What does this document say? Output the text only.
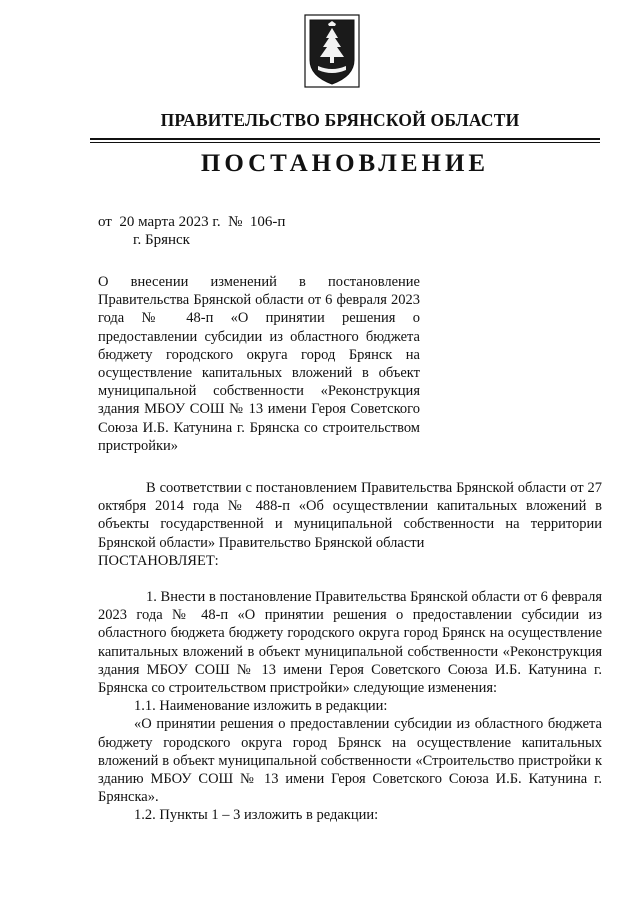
ПРАВИТЕЛЬСТВО БРЯНСКОЙ ОБЛАСТИ
ПОСТАНОВЛЕНИЕ
от  20 марта 2023 г.  №  106-п
г. Брянск
О внесении изменений в постановление Правительства Брянской области от 6 февраля 2023 года № 48-п «О принятии решения о предоставлении субсидии из областного бюджета бюджету городского округа город Брянск на осуществление капитальных вложений в объект муниципальной собственности «Реконструкция здания МБОУ СОШ № 13 имени Героя Советского Союза И.Б. Катунина г. Брянска со строительством пристройки»

В соответствии с постановлением Правительства Брянской области от 27 октября 2014 года № 488-п «Об осуществлении капитальных вложений в объекты государственной и муниципальной собственности на территории Брянской области» Правительство Брянской области

ПОСТАНОВЛЯЕТ:

1. Внести в постановление Правительства Брянской области от 6 февраля 2023 года № 48-п «О принятии решения о предоставлении субсидии из областного бюджета бюджету городского округа город Брянск на осуществление капитальных вложений в объект муниципальной собственности «Реконструкция здания МБОУ СОШ № 13 имени Героя Советского Союза И.Б. Катунина г. Брянска со строительством пристройки» следующие изменения:

1.1. Наименование изложить в редакции:

«О принятии решения о предоставлении субсидии из областного бюджета бюджету городского округа город Брянск на осуществление капитальных вложений в объект муниципальной собственности «Строительство пристройки к зданию МБОУ СОШ № 13 имени Героя Советского Союза И.Б. Катунина г. Брянска».

1.2. Пункты 1 – 3 изложить в редакции:
